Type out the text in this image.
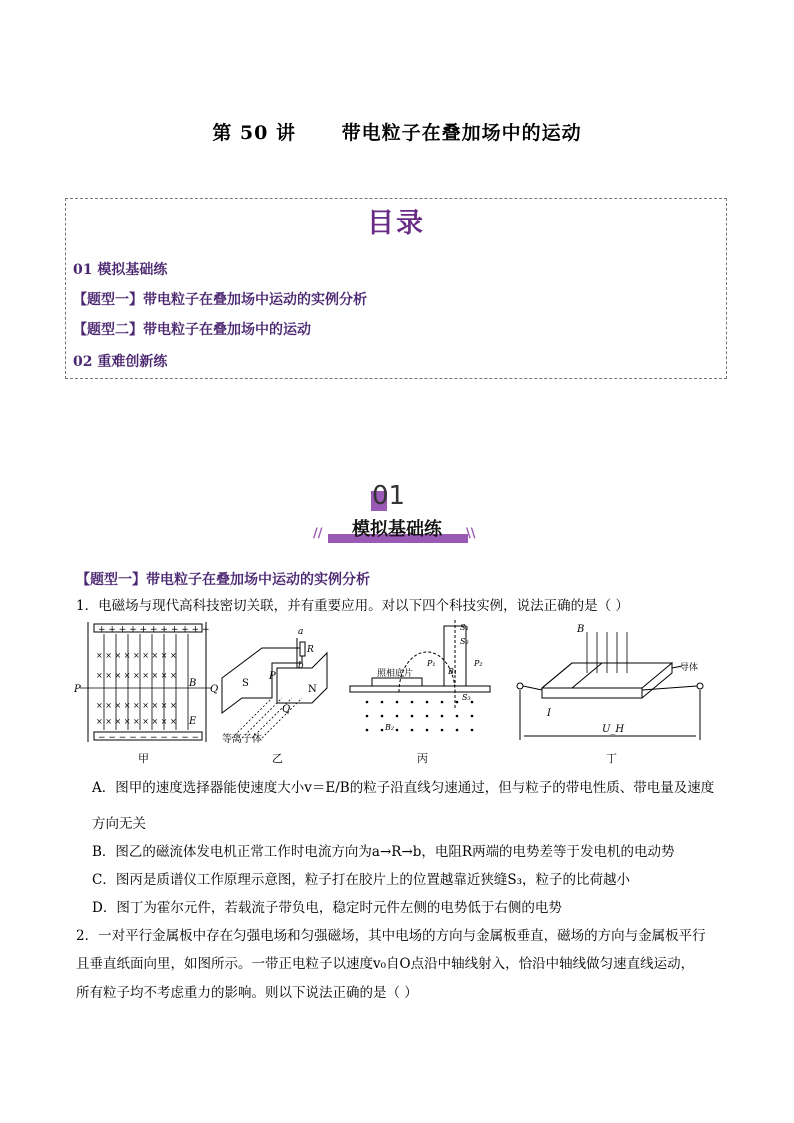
第 50 讲      带电粒子在叠加场中的运动
目录
01 模拟基础练
【题型一】带电粒子在叠加场中运动的实例分析
【题型二】带电粒子在叠加场中的运动
02 重难创新练
01
//	\\
模拟基础练
【题型一】带电粒子在叠加场中运动的实例分析
1．电磁场与现代高科技密切关联，并有重要应用。对以下四个科技实例，说法正确的是（ ）
+ + + + + + + + + + +
− − − − − − − − − −
× × × × × × × × ×
× × × × × × × × ×
× × × × × × × × ×
× × × × × × × × ×
P	Q
B
E
S
P
N
Q
a
R
b
等离子体
S₁
S₂
P₁	P₂
B₁
S₃
照相底片
B₂
B
导体
I
U_H
甲	乙	丙	丁
A．图甲的速度选择器能使速度大小v＝E/B的粒子沿直线匀速通过，但与粒子的带电性质、带电量及速度
方向无关
B．图乙的磁流体发电机正常工作时电流方向为a→R→b，电阻R两端的电势差等于发电机的电动势
C．图丙是质谱仪工作原理示意图，粒子打在胶片上的位置越靠近狭缝S₃，粒子的比荷越小
D．图丁为霍尔元件，若载流子带负电，稳定时元件左侧的电势低于右侧的电势
2．一对平行金属板中存在匀强电场和匀强磁场，其中电场的方向与金属板垂直，磁场的方向与金属板平行
且垂直纸面向里，如图所示。一带正电粒子以速度v₀自O点沿中轴线射入，恰沿中轴线做匀速直线运动，
所有粒子均不考虑重力的影响。则以下说法正确的是（ ）
